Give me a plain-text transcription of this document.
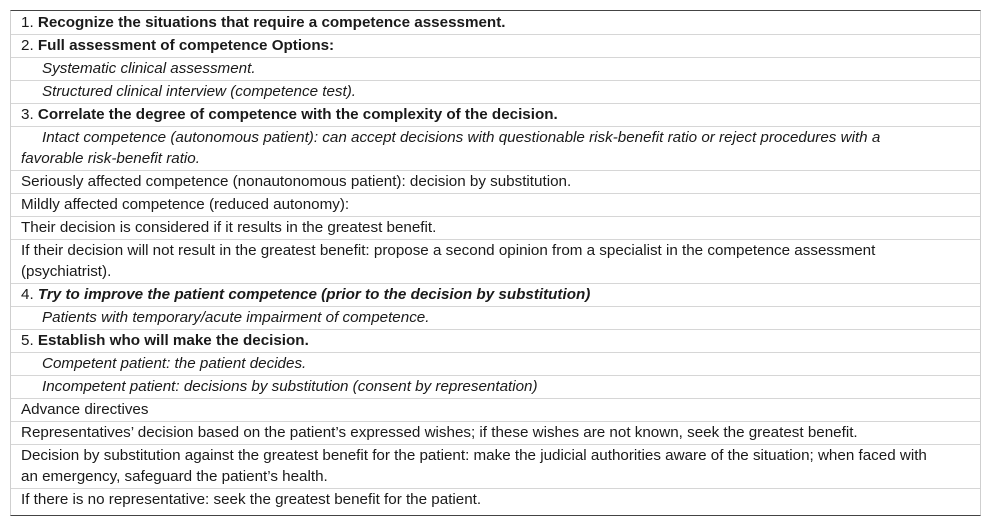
1. Recognize the situations that require a competence assessment.
2. Full assessment of competence Options:
Systematic clinical assessment.
Structured clinical interview (competence test).
3. Correlate the degree of competence with the complexity of the decision.
Intact competence (autonomous patient): can accept decisions with questionable risk-benefit ratio or reject procedures with a favorable risk-benefit ratio.
Seriously affected competence (nonautonomous patient): decision by substitution.
Mildly affected competence (reduced autonomy):
Their decision is considered if it results in the greatest benefit.
If their decision will not result in the greatest benefit: propose a second opinion from a specialist in the competence assessment (psychiatrist).
4. Try to improve the patient competence (prior to the decision by substitution)
Patients with temporary/acute impairment of competence.
5. Establish who will make the decision.
Competent patient: the patient decides.
Incompetent patient: decisions by substitution (consent by representation)
Advance directives
Representatives’ decision based on the patient’s expressed wishes; if these wishes are not known, seek the greatest benefit.
Decision by substitution against the greatest benefit for the patient: make the judicial authorities aware of the situation; when faced with an emergency, safeguard the patient’s health.
If there is no representative: seek the greatest benefit for the patient.
